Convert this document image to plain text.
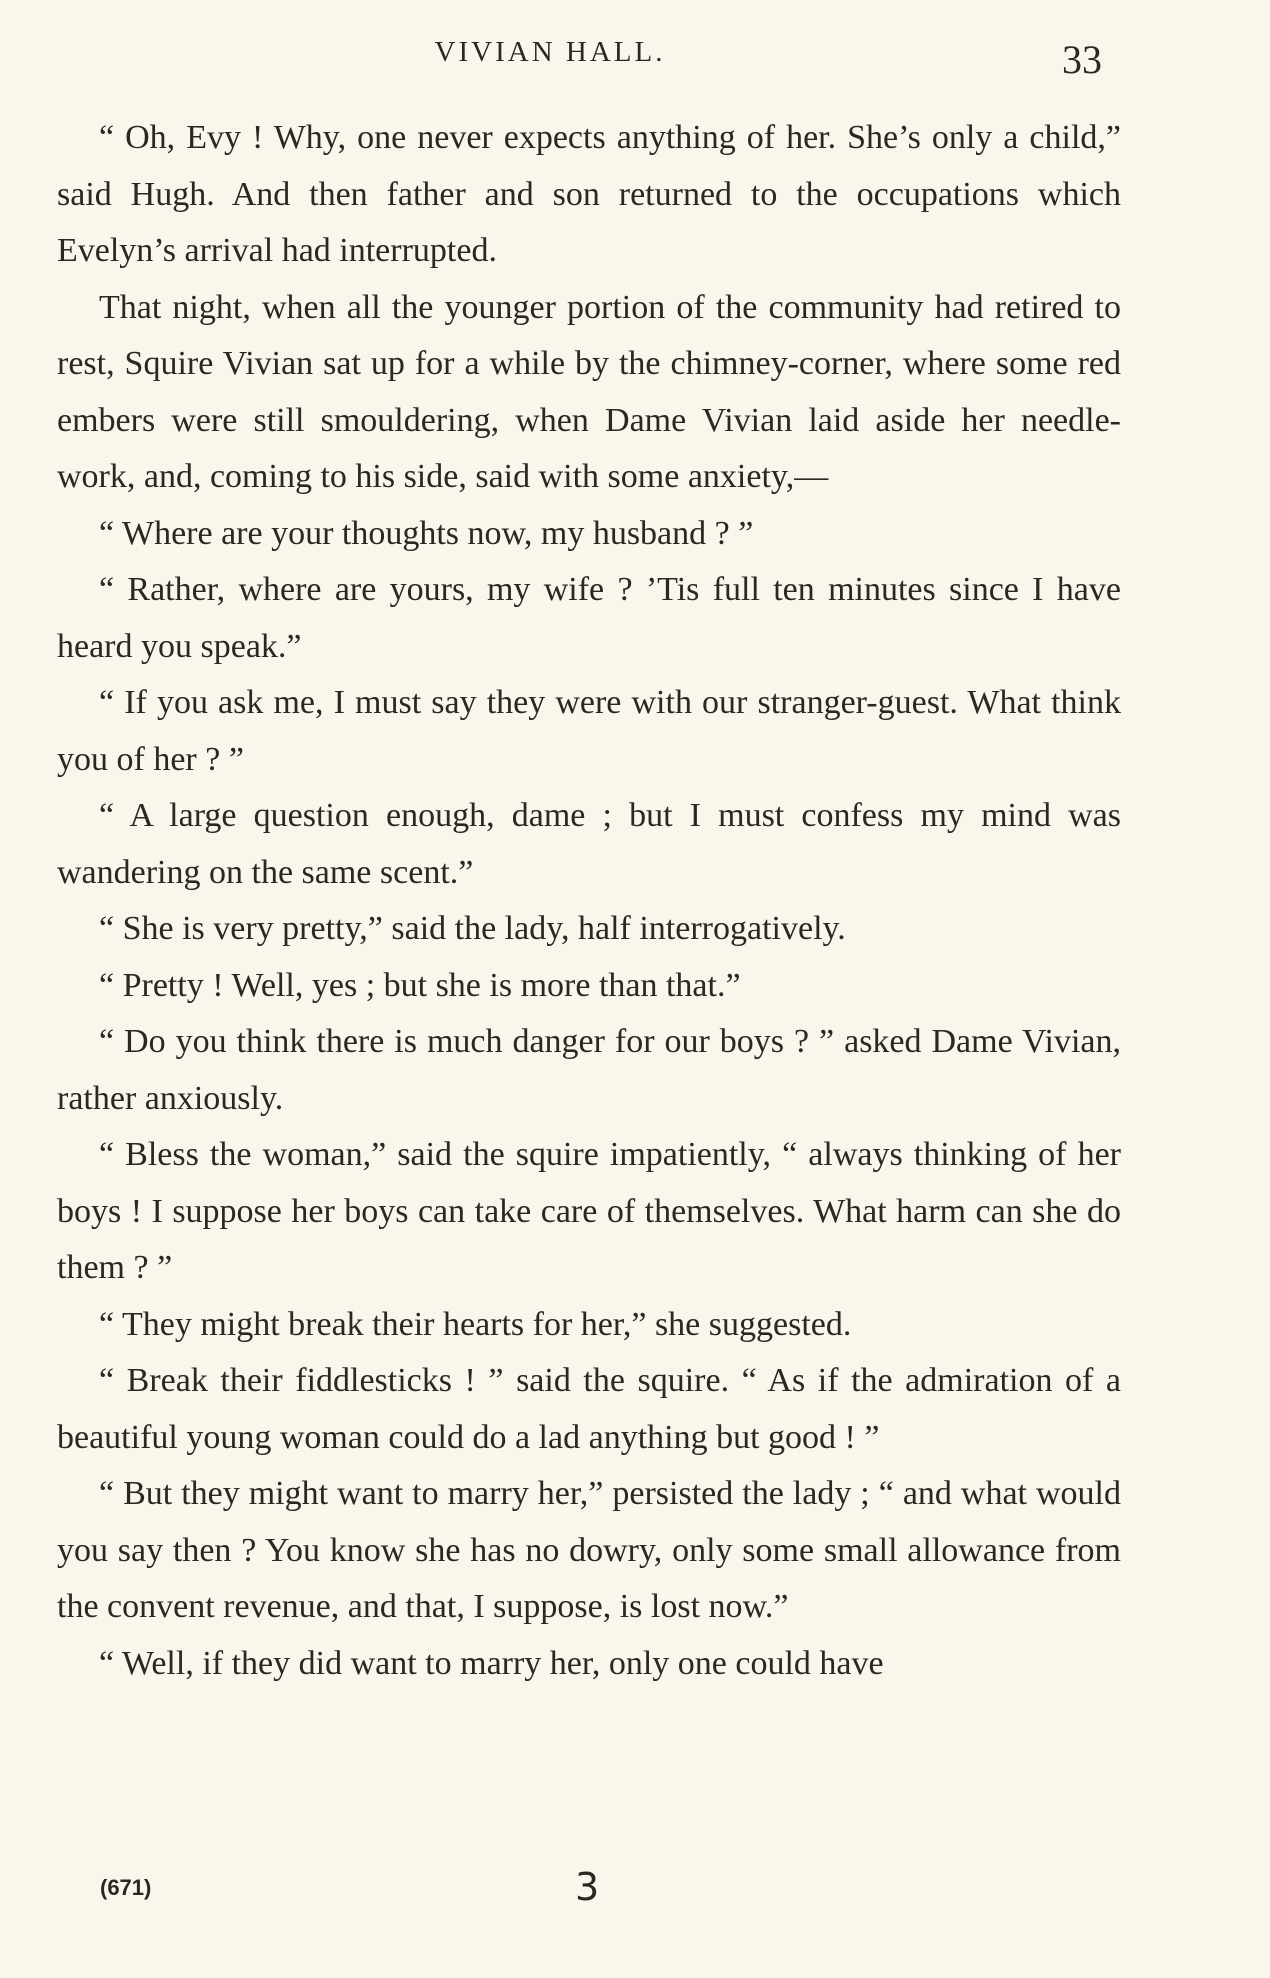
VIVIAN HALL.	33

“ Oh, Evy ! Why, one never expects anything of her. She’s only a child,” said Hugh. And then father and son returned to the occupations which Evelyn’s arrival had interrupted.

That night, when all the younger portion of the community had retired to rest, Squire Vivian sat up for a while by the chimney-corner, where some red embers were still smouldering, when Dame Vivian laid aside her needle-work, and, coming to his side, said with some anxiety,—

“ Where are your thoughts now, my husband ? ”

“ Rather, where are yours, my wife ? ’Tis full ten minutes since I have heard you speak.”

“ If you ask me, I must say they were with our stranger-guest. What think you of her ? ”

“ A large question enough, dame ; but I must confess my mind was wandering on the same scent.”

“ She is very pretty,” said the lady, half interrogatively.

“ Pretty ! Well, yes ; but she is more than that.”

“ Do you think there is much danger for our boys ? ” asked Dame Vivian, rather anxiously.

“ Bless the woman,” said the squire impatiently, “ always thinking of her boys ! I suppose her boys can take care of themselves. What harm can she do them ? ”

“ They might break their hearts for her,” she suggested.

“ Break their fiddlesticks ! ” said the squire. “ As if the admiration of a beautiful young woman could do a lad anything but good ! ”

“ But they might want to marry her,” persisted the lady ; “ and what would you say then ? You know she has no dowry, only some small allowance from the convent revenue, and that, I suppose, is lost now.”

“ Well, if they did want to marry her, only one could have

(671)	3
